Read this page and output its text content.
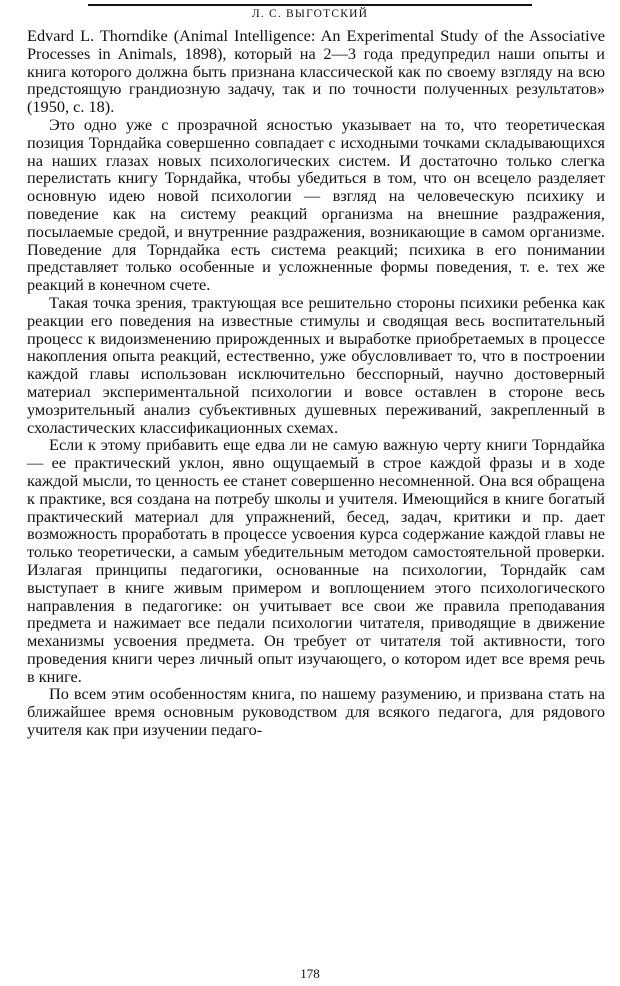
Л. С. ВЫГОТСКИЙ

Edvard L. Thorndike (Animal Intelligence: An Experimental Study of the Associative Processes in Animals, 1898), который на 2—3 года предупредил наши опыты и книга которого должна быть признана классической как по своему взгляду на всю предстоящую грандиозную задачу, так и по точности полученных результатов» (1950, с. 18).

Это одно уже с прозрачной ясностью указывает на то, что теоретическая позиция Торндайка совершенно совпадает с исходными точками складывающихся на наших глазах новых психологических систем. И достаточно только слегка перелистать книгу Торндайка, чтобы убедиться в том, что он всецело разделяет основную идею новой психологии — взгляд на человеческую психику и поведение как на систему реакций организма на внешние раздражения, посылаемые средой, и внутренние раздражения, возникающие в самом организме. Поведение для Торндайка есть система реакций; психика в его понимании представляет только особенные и усложненные формы поведения, т. е. тех же реакций в конечном счете.

Такая точка зрения, трактующая все решительно стороны психики ребенка как реакции его поведения на известные стимулы и сводящая весь воспитательный процесс к видоизменению прирожденных и выработке приобретаемых в процессе накопления опыта реакций, естественно, уже обусловливает то, что в построении каждой главы использован исключительно бесспорный, научно достоверный материал экспериментальной психологии и вовсе оставлен в стороне весь умозрительный анализ субъективных душевных переживаний, закрепленный в схоластических классификационных схемах.

Если к этому прибавить еще едва ли не самую важную черту книги Торндайка — ее практический уклон, явно ощущаемый в строе каждой фразы и в ходе каждой мысли, то ценность ее станет совершенно несомненной. Она вся обращена к практике, вся создана на потребу школы и учителя. Имеющийся в книге богатый практический материал для упражнений, бесед, задач, критики и пр. дает возможность проработать в процессе усвоения курса содержание каждой главы не только теоретически, а самым убедительным методом самостоятельной проверки. Излагая принципы педагогики, основанные на психологии, Торндайк сам выступает в книге живым примером и воплощением этого психологического направления в педагогике: он учитывает все свои же правила преподавания предмета и нажимает все педали психологии читателя, приводящие в движение механизмы усвоения предмета. Он требует от читателя той активности, того проведения книги через личный опыт изучающего, о котором идет все время речь в книге.

По всем этим особенностям книга, по нашему разумению, и призвана стать на ближайшее время основным руководством для всякого педагога, для рядового учителя как при изучении педаго-

178
